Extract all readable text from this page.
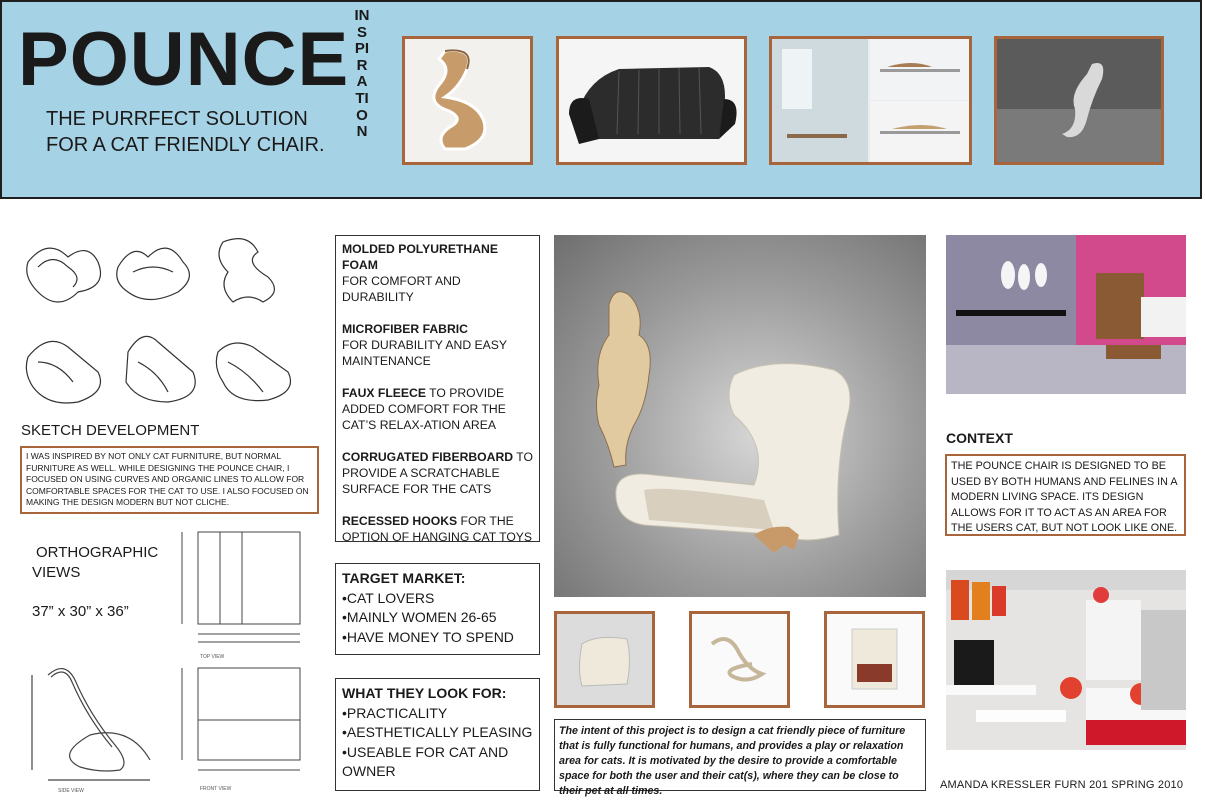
POUNCE
THE PURRFECT SOLUTION
FOR A CAT FRIENDLY CHAIR.
INSPIRATION
SKETCH DEVELOPMENT
I WAS INSPIRED BY NOT ONLY CAT FURNITURE, BUT NORMAL FURNITURE AS WELL. WHILE DESIGNING THE POUNCE CHAIR, I FOCUSED ON USING CURVES AND ORGANIC LINES TO ALLOW FOR COMFORTABLE SPACES FOR THE CAT TO USE. I ALSO FOCUSED ON MAKING THE DESIGN MODERN BUT NOT CLICHE.
ORTHOGRAPHIC
VIEWS
37” x 30” x 36”
TOP VIEW
SIDE VIEW	FRONT VIEW

MOLDED POLYURETHANE FOAM
FOR COMFORT AND DURABILITY

MICROFIBER FABRIC
FOR DURABILITY AND EASY MAINTENANCE

FAUX FLEECE TO PROVIDE ADDED COMFORT FOR THE CAT’S RELAX-ATION AREA

CORRUGATED FIBERBOARD TO PROVIDE A SCRATCHABLE SURFACE FOR THE CATS

RECESSED HOOKS FOR THE OPTION OF HANGING CAT TOYS

TARGET MARKET:
•CAT LOVERS
•MAINLY WOMEN 26-65
•HAVE MONEY TO SPEND
WHAT THEY LOOK FOR:
•PRACTICALITY
•AESTHETICALLY PLEASING
•USEABLE FOR CAT AND OWNER
The intent of this project is to design a cat friendly piece of furniture that is fully functional for humans, and provides a play or relaxation area for cats. It is motivated by the desire to provide a comfortable space for both the user and their cat(s), where they can be close to their pet at all times.
CONTEXT
THE POUNCE CHAIR IS DESIGNED TO BE USED BY BOTH HUMANS AND FELINES IN A MODERN LIVING SPACE. ITS DESIGN ALLOWS FOR IT TO ACT AS AN AREA FOR THE USERS CAT, BUT NOT LOOK LIKE ONE.
AMANDA KRESSLER FURN 201 SPRING 2010
